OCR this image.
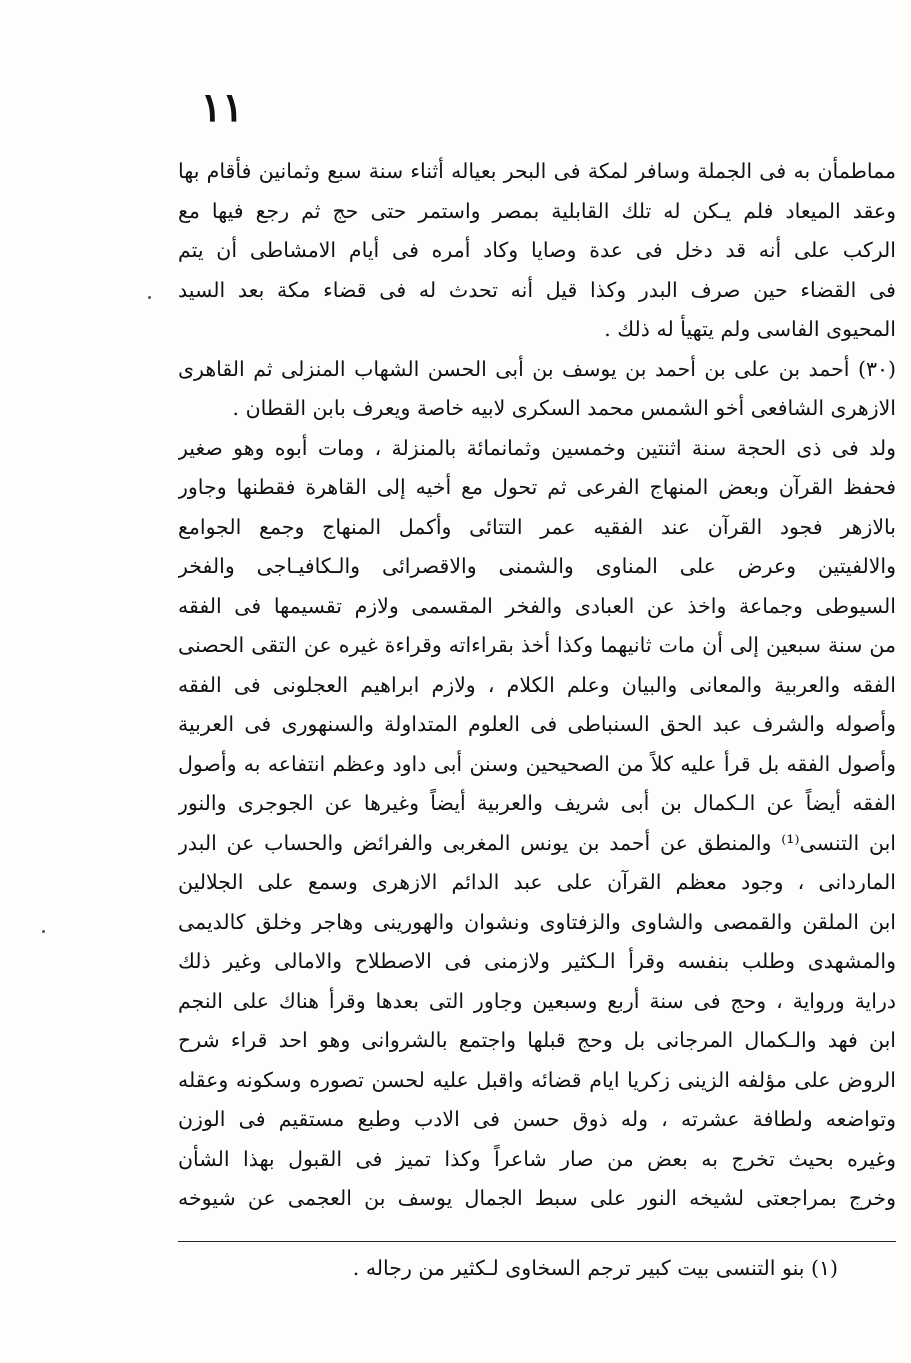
١١
مماطمأن به فى الجملة وسافر لمكة فى البحر بعياله أثناء سنة سبع وثمانين فأقام بها
وعقد الميعاد فلم يـكن له تلك القابلية بمصر واستمر حتى حج ثم رجع فيها مع
الركب على أنه قد دخل فى عدة وصايا وكاد أمره فى أيام الامشاطى أن يتم
فى القضاء حين صرف البدر وكذا قيل أنه تحدث له فى قضاء مكة بعد السيد
المحيوى الفاسى ولم يتهيأ له ذلك .
(٣٠) أحمد بن على بن أحمد بن يوسف بن أبى الحسن الشهاب المنزلى ثم القاهرى
الازهرى الشافعى أخو الشمس محمد السكرى لابيه خاصة ويعرف بابن القطان .
ولد فى ذى الحجة سنة اثنتين وخمسين وثمانمائة بالمنزلة ، ومات أبوه وهو صغير
فحفظ القرآن وبعض المنهاج الفرعى ثم تحول مع أخيه إلى القاهرة فقطنها وجاور
بالازهر فجود القرآن عند الفقيه عمر التتائى وأكمل المنهاج وجمع الجوامع
والالفيتين وعرض على المناوى والشمنى والاقصرائى والـكافيـاجى والفخر
السيوطى وجماعة واخذ عن العبادى والفخر المقسمى ولازم تقسيمها فى الفقه
من سنة سبعين إلى أن مات ثانيهما وكذا أخذ بقراءاته وقراءة غيره عن التقى الحصنى
الفقه والعربية والمعانى والبيان وعلم الكلام ، ولازم ابراهيم العجلونى فى الفقه
وأصوله والشرف عبد الحق السنباطى فى العلوم المتداولة والسنهورى فى العربية
وأصول الفقه بل قرأ عليه كلاً من الصحيحين وسنن أبى داود وعظم انتفاعه به وأصول
الفقه أيضاً عن الـكمال بن أبى شريف والعربية أيضاً وغيرها عن الجوجرى والنور
ابن التنسى⁽¹⁾ والمنطق عن أحمد بن يونس المغربى والفرائض والحساب عن البدر
الماردانى ، وجود معظم القرآن على عبد الدائم الازهرى وسمع على الجلالين
ابن الملقن والقمصى والشاوى والزفتاوى ونشوان والهورينى وهاجر وخلق كالديمى
والمشهدى وطلب بنفسه وقرأ الـكثير ولازمنى فى الاصطلاح والامالى وغير ذلك
دراية ورواية ، وحج فى سنة أربع وسبعين وجاور التى بعدها وقرأ هناك على النجم
ابن فهد والـكمال المرجانى بل وحج قبلها واجتمع بالشروانى وهو احد قراء شرح
الروض على مؤلفه الزينى زكريا ايام قضائه واقبل عليه لحسن تصوره وسكونه وعقله
وتواضعه ولطافة عشرته ، وله ذوق حسن فى الادب وطبع مستقيم فى الوزن
وغيره بحيث تخرج به بعض من صار شاعراً وكذا تميز فى القبول بهذا الشأن
وخرج بمراجعتى لشيخه النور على سبط الجمال يوسف بن العجمى عن شيوخه
(١) بنو التنسى بيت كبير ترجم السخاوى لـكثير من رجاله .
